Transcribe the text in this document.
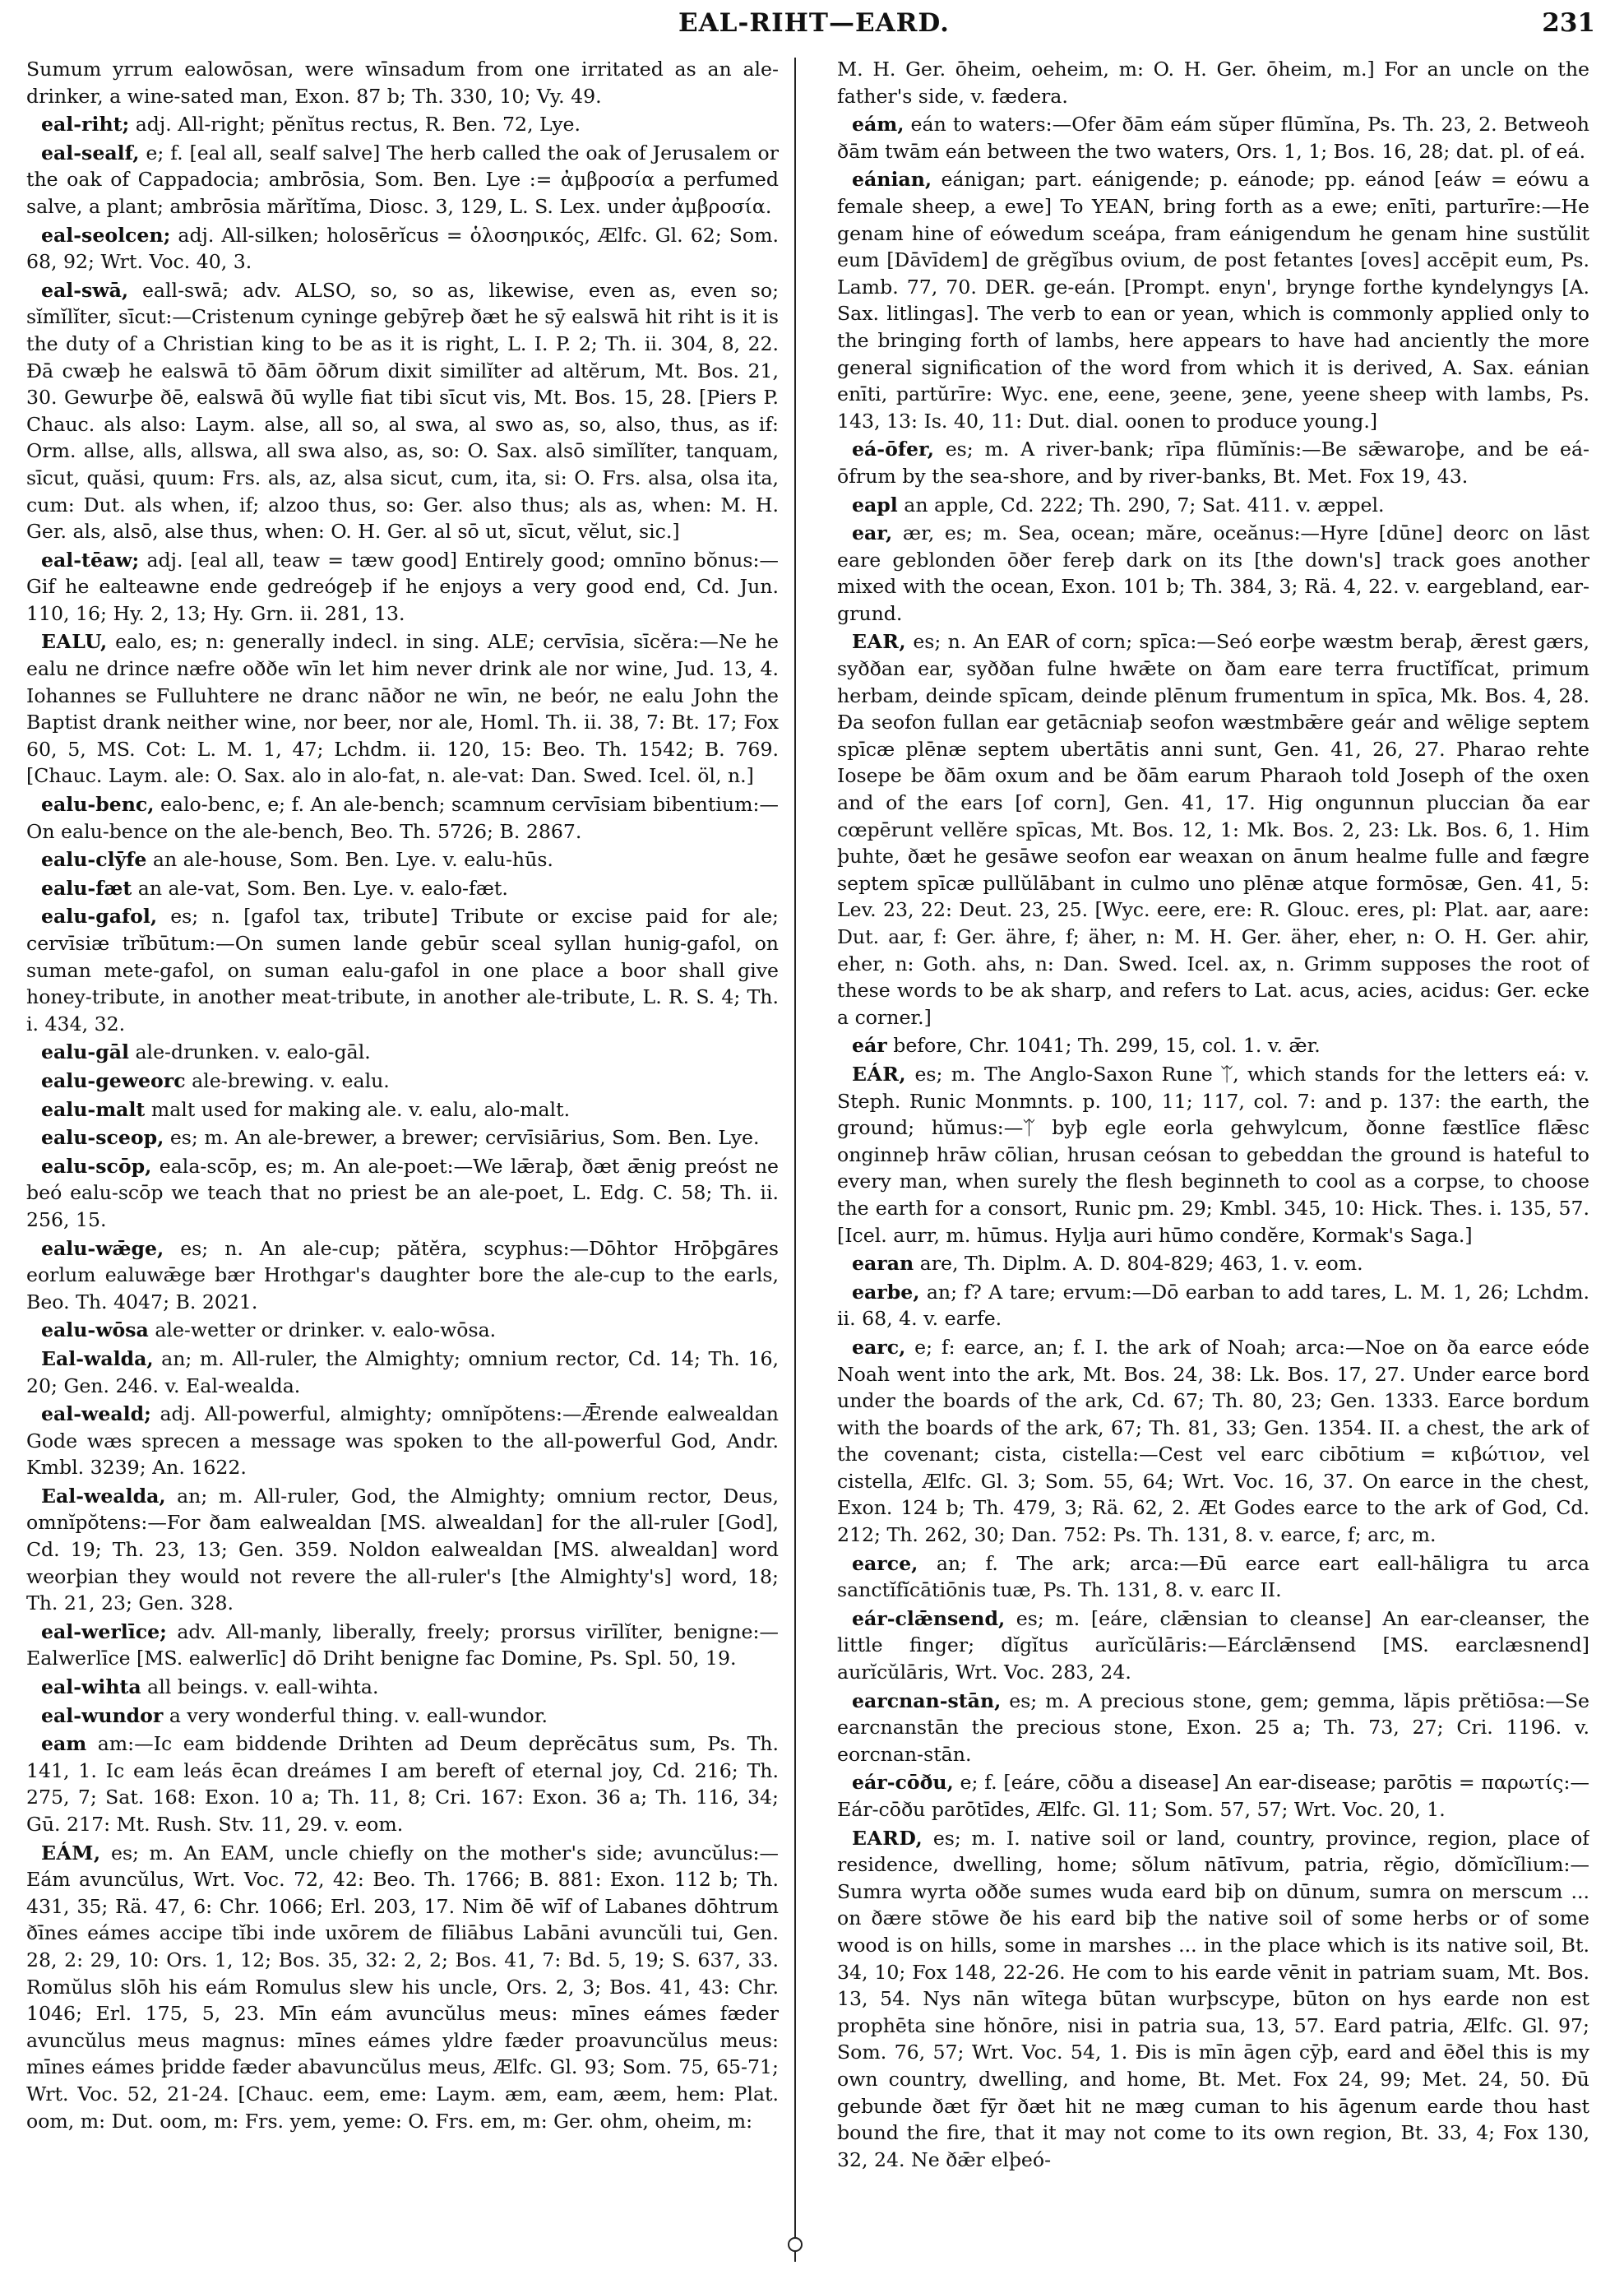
EAL-RIHT—EARD.	231
Sumum yrrum ealowōsan, were wīnsadum from one irritated as an ale-drinker, a wine-sated man, Exon. 87 b; Th. 330, 10; Vy. 49.
eal-riht; adj. All-right; pĕnĭtus rectus, R. Ben. 72, Lye.
eal-sealf, e; f. [eal all, sealf salve] The herb called the oak of Jerusalem or the oak of Cappadocia; ambrōsia, Som. Ben. Lye := ἀμβροσία a perfumed salve, a plant; ambrōsia mărĭtĭma, Diosc. 3, 129, L. S. Lex. under ἀμβροσία.
eal-seolcen; adj. All-silken; holosērĭcus = ὁλοσηρικός, Ælfc. Gl. 62; Som. 68, 92; Wrt. Voc. 40, 3.
eal-swā, eall-swā; adv. ALSO, so, so as, likewise, even as, even so; sĭmĭlĭter, sīcut:—Cristenum cyninge gebȳreþ ðæt he sȳ ealswā hit riht is it is the duty of a Christian king to be as it is right, L. I. P. 2; Th. ii. 304, 8, 22. Ðā cwæþ he ealswā tō ðām ōðrum dixit similĭter ad altĕrum, Mt. Bos. 21, 30. Gewurþe ðē, ealswā ðū wylle fiat tibi sīcut vis, Mt. Bos. 15, 28. [Piers P. Chauc. als also: Laym. alse, all so, al swa, al swo as, so, also, thus, as if: Orm. allse, alls, allswa, all swa also, as, so: O. Sax. alsō simĭlĭter, tanquam, sīcut, quăsi, quum: Frs. als, az, alsa sicut, cum, ita, si: O. Frs. alsa, olsa ita, cum: Dut. als when, if; alzoo thus, so: Ger. also thus; als as, when: M. H. Ger. als, alsō, alse thus, when: O. H. Ger. al sō ut, sīcut, vĕlut, sic.]
eal-tēaw; adj. [eal all, teaw = tæw good] Entirely good; omnīno bŏnus:—Gif he ealteawne ende gedreógeþ if he enjoys a very good end, Cd. Jun. 110, 16; Hy. 2, 13; Hy. Grn. ii. 281, 13.
EALU, ealo, es; n: generally indecl. in sing. ALE; cervīsia, sīcĕra:—Ne he ealu ne drince næfre oððe wīn let him never drink ale nor wine, Jud. 13, 4. Iohannes se Fulluhtere ne dranc nāðor ne wīn, ne beór, ne ealu John the Baptist drank neither wine, nor beer, nor ale, Homl. Th. ii. 38, 7: Bt. 17; Fox 60, 5, MS. Cot: L. M. 1, 47; Lchdm. ii. 120, 15: Beo. Th. 1542; B. 769. [Chauc. Laym. ale: O. Sax. alo in alo-fat, n. ale-vat: Dan. Swed. Icel. öl, n.]
ealu-benc, ealo-benc, e; f. An ale-bench; scamnum cervīsiam bibentium:—On ealu-bence on the ale-bench, Beo. Th. 5726; B. 2867.
ealu-clȳfe an ale-house, Som. Ben. Lye. v. ealu-hūs.
ealu-fæt an ale-vat, Som. Ben. Lye. v. ealo-fæt.
ealu-gafol, es; n. [gafol tax, tribute] Tribute or excise paid for ale; cervīsiæ trĭbūtum:—On sumen lande gebūr sceal syllan hunig-gafol, on suman mete-gafol, on suman ealu-gafol in one place a boor shall give honey-tribute, in another meat-tribute, in another ale-tribute, L. R. S. 4; Th. i. 434, 32.
ealu-gāl ale-drunken. v. ealo-gāl.
ealu-geweorc ale-brewing. v. ealu.
ealu-malt malt used for making ale. v. ealu, alo-malt.
ealu-sceop, es; m. An ale-brewer, a brewer; cervīsiārius, Som. Ben. Lye.
ealu-scōp, eala-scōp, es; m. An ale-poet:—We lǣraþ, ðæt ǣnig preóst ne beó ealu-scōp we teach that no priest be an ale-poet, L. Edg. C. 58; Th. ii. 256, 15.
ealu-wǣge, es; n. An ale-cup; pătĕra, scyphus:—Dōhtor Hrōþgāres eorlum ealuwǣge bær Hrothgar's daughter bore the ale-cup to the earls, Beo. Th. 4047; B. 2021.
ealu-wōsa ale-wetter or drinker. v. ealo-wōsa.
Eal-walda, an; m. All-ruler, the Almighty; omnium rector, Cd. 14; Th. 16, 20; Gen. 246. v. Eal-wealda.
eal-weald; adj. All-powerful, almighty; omnĭpŏtens:—Ǣrende ealwealdan Gode wæs sprecen a message was spoken to the all-powerful God, Andr. Kmbl. 3239; An. 1622.
Eal-wealda, an; m. All-ruler, God, the Almighty; omnium rector, Deus, omnĭpŏtens:—For ðam ealwealdan [MS. alwealdan] for the all-ruler [God], Cd. 19; Th. 23, 13; Gen. 359. Noldon ealwealdan [MS. alwealdan] word weorþian they would not revere the all-ruler's [the Almighty's] word, 18; Th. 21, 23; Gen. 328.
eal-werlīce; adv. All-manly, liberally, freely; prorsus virīlĭter, benigne:—Ealwerlīce [MS. ealwerlīc] dō Driht benigne fac Domine, Ps. Spl. 50, 19.
eal-wihta all beings. v. eall-wihta.
eal-wundor a very wonderful thing. v. eall-wundor.
eam am:—Ic eam biddende Drihten ad Deum deprĕcātus sum, Ps. Th. 141, 1. Ic eam leás ēcan dreámes I am bereft of eternal joy, Cd. 216; Th. 275, 7; Sat. 168: Exon. 10 a; Th. 11, 8; Cri. 167: Exon. 36 a; Th. 116, 34; Gū. 217: Mt. Rush. Stv. 11, 29. v. eom.
EÁM, es; m. An EAM, uncle chiefly on the mother's side; avuncŭlus:—Eám avuncŭlus, Wrt. Voc. 72, 42: Beo. Th. 1766; B. 881: Exon. 112 b; Th. 431, 35; Rä. 47, 6: Chr. 1066; Erl. 203, 17. Nim ðē wīf of Labanes dōhtrum ðīnes eámes accipe tĭbi inde uxōrem de fīliābus Labāni avuncŭli tui, Gen. 28, 2: 29, 10: Ors. 1, 12; Bos. 35, 32: 2, 2; Bos. 41, 7: Bd. 5, 19; S. 637, 33. Romŭlus slōh his eám Romulus slew his uncle, Ors. 2, 3; Bos. 41, 43: Chr. 1046; Erl. 175, 5, 23. Mīn eám avuncŭlus meus: mīnes eámes fæder avuncŭlus meus magnus: mīnes eámes yldre fæder proavuncŭlus meus: mīnes eámes þridde fæder abavuncŭlus meus, Ælfc. Gl. 93; Som. 75, 65-71; Wrt. Voc. 52, 21-24. [Chauc. eem, eme: Laym. æm, eam, æem, hem: Plat. oom, m: Dut. oom, m: Frs. yem, yeme: O. Frs. em, m: Ger. ohm, oheim, m:
M. H. Ger. ōheim, oeheim, m: O. H. Ger. ōheim, m.] For an uncle on the father's side, v. fædera.
eám, eán to waters:—Ofer ðām eám sŭper flūmĭna, Ps. Th. 23, 2. Betweoh ðām twām eán between the two waters, Ors. 1, 1; Bos. 16, 28; dat. pl. of eá.
eánian, eánigan; part. eánigende; p. eánode; pp. eánod [eáw = eówu a female sheep, a ewe] To YEAN, bring forth as a ewe; enīti, parturīre:—He genam hine of eówedum sceápa, fram eánigendum he genam hine sustŭlit eum [Dāvīdem] de grĕgĭbus ovium, de post fetantes [oves] accēpit eum, Ps. Lamb. 77, 70. DER. ge-eán. [Prompt. enyn', brynge forthe kyndelyngys [A. Sax. litlingas]. The verb to ean or yean, which is commonly applied only to the bringing forth of lambs, here appears to have had anciently the more general signification of the word from which it is derived, A. Sax. eánian enīti, partŭrīre: Wyc. ene, eene, ȝeene, ȝene, yeene sheep with lambs, Ps. 143, 13: Is. 40, 11: Dut. dial. oonen to produce young.]
eá-ōfer, es; m. A river-bank; rīpa flūmĭnis:—Be sǣwaroþe, and be eá-ōfrum by the sea-shore, and by river-banks, Bt. Met. Fox 19, 43.
eapl an apple, Cd. 222; Th. 290, 7; Sat. 411. v. æppel.
ear, ær, es; m. Sea, ocean; măre, oceănus:—Hyre [dūne] deorc on lāst eare geblonden ōðer fereþ dark on its [the down's] track goes another mixed with the ocean, Exon. 101 b; Th. 384, 3; Rä. 4, 22. v. eargebland, ear-grund.
EAR, es; n. An EAR of corn; spīca:—Seó eorþe wæstm beraþ, ǣrest gærs, syððan ear, syððan fulne hwǣte on ðam eare terra fructĭfĭcat, primum herbam, deinde spīcam, deinde plēnum frumentum in spīca, Mk. Bos. 4, 28. Ða seofon fullan ear getācniaþ seofon wæstmbǣre geár and wēlige septem spīcæ plēnæ septem ubertātis anni sunt, Gen. 41, 26, 27. Pharao rehte Iosepe be ðām oxum and be ðām earum Pharaoh told Joseph of the oxen and of the ears [of corn], Gen. 41, 17. Hig ongunnun pluccian ða ear cœpērunt vellĕre spīcas, Mt. Bos. 12, 1: Mk. Bos. 2, 23: Lk. Bos. 6, 1. Him þuhte, ðæt he gesāwe seofon ear weaxan on ānum healme fulle and fægre septem spīcæ pullŭlābant in culmo uno plēnæ atque formōsæ, Gen. 41, 5: Lev. 23, 22: Deut. 23, 25. [Wyc. eere, ere: R. Glouc. eres, pl: Plat. aar, aare: Dut. aar, f: Ger. ähre, f; äher, n: M. H. Ger. äher, eher, n: O. H. Ger. ahir, eher, n: Goth. ahs, n: Dan. Swed. Icel. ax, n. Grimm supposes the root of these words to be ak sharp, and refers to Lat. acus, acies, acidus: Ger. ecke a corner.]
eár before, Chr. 1041; Th. 299, 15, col. 1. v. ǣr.
EÁR, es; m. The Anglo-Saxon Rune ᛠ, which stands for the letters eá: v. Steph. Runic Monmnts. p. 100, 11; 117, col. 7: and p. 137: the earth, the ground; hŭmus:—ᛠ byþ egle eorla gehwylcum, ðonne fæstlīce flǣsc onginneþ hrāw cōlian, hrusan ceósan to gebeddan the ground is hateful to every man, when surely the flesh beginneth to cool as a corpse, to choose the earth for a consort, Runic pm. 29; Kmbl. 345, 10: Hick. Thes. i. 135, 57. [Icel. aurr, m. hūmus. Hylja auri hūmo condĕre, Kormak's Saga.]
earan are, Th. Diplm. A. D. 804-829; 463, 1. v. eom.
earbe, an; f? A tare; ervum:—Dō earban to add tares, L. M. 1, 26; Lchdm. ii. 68, 4. v. earfe.
earc, e; f: earce, an; f. I. the ark of Noah; arca:—Noe on ða earce eóde Noah went into the ark, Mt. Bos. 24, 38: Lk. Bos. 17, 27. Under earce bord under the boards of the ark, Cd. 67; Th. 80, 23; Gen. 1333. Earce bordum with the boards of the ark, 67; Th. 81, 33; Gen. 1354. II. a chest, the ark of the covenant; cista, cistella:—Cest vel earc cibōtium = κιβώτιον, vel cistella, Ælfc. Gl. 3; Som. 55, 64; Wrt. Voc. 16, 37. On earce in the chest, Exon. 124 b; Th. 479, 3; Rä. 62, 2. Æt Godes earce to the ark of God, Cd. 212; Th. 262, 30; Dan. 752: Ps. Th. 131, 8. v. earce, f; arc, m.
earce, an; f. The ark; arca:—Ðū earce eart eall-hāligra tu arca sanctĭfĭcātiōnis tuæ, Ps. Th. 131, 8. v. earc II.
eár-clǣnsend, es; m. [eáre, clǣnsian to cleanse] An ear-cleanser, the little finger; dĭgĭtus aurĭcŭlāris:—Eárclǣnsend [MS. earclæsnend] aurĭcŭlāris, Wrt. Voc. 283, 24.
earcnan-stān, es; m. A precious stone, gem; gemma, lăpis prĕtiōsa:—Se earcnanstān the precious stone, Exon. 25 a; Th. 73, 27; Cri. 1196. v. eorcnan-stān.
eár-cōðu, e; f. [eáre, cōðu a disease] An ear-disease; parōtis = παρωτίς:—Eár-cōðu parōtīdes, Ælfc. Gl. 11; Som. 57, 57; Wrt. Voc. 20, 1.
EARD, es; m. I. native soil or land, country, province, region, place of residence, dwelling, home; sŏlum nātīvum, patria, rĕgio, dŏmĭcĭlium:—Sumra wyrta oððe sumes wuda eard biþ on dūnum, sumra on merscum ... on ðære stōwe ðe his eard biþ the native soil of some herbs or of some wood is on hills, some in marshes ... in the place which is its native soil, Bt. 34, 10; Fox 148, 22-26. He com to his earde vēnit in patriam suam, Mt. Bos. 13, 54. Nys nān wītega būtan wurþscype, būton on hys earde non est prophēta sine hŏnōre, nisi in patria sua, 13, 57. Eard patria, Ælfc. Gl. 97; Som. 76, 57; Wrt. Voc. 54, 1. Ðis is mīn āgen cȳþ, eard and ēðel this is my own country, dwelling, and home, Bt. Met. Fox 24, 99; Met. 24, 50. Ðū gebunde ðæt fȳr ðæt hit ne mæg cuman to his āgenum earde thou hast bound the fire, that it may not come to its own region, Bt. 33, 4; Fox 130, 32, 24. Ne ðǣr elþeó-
